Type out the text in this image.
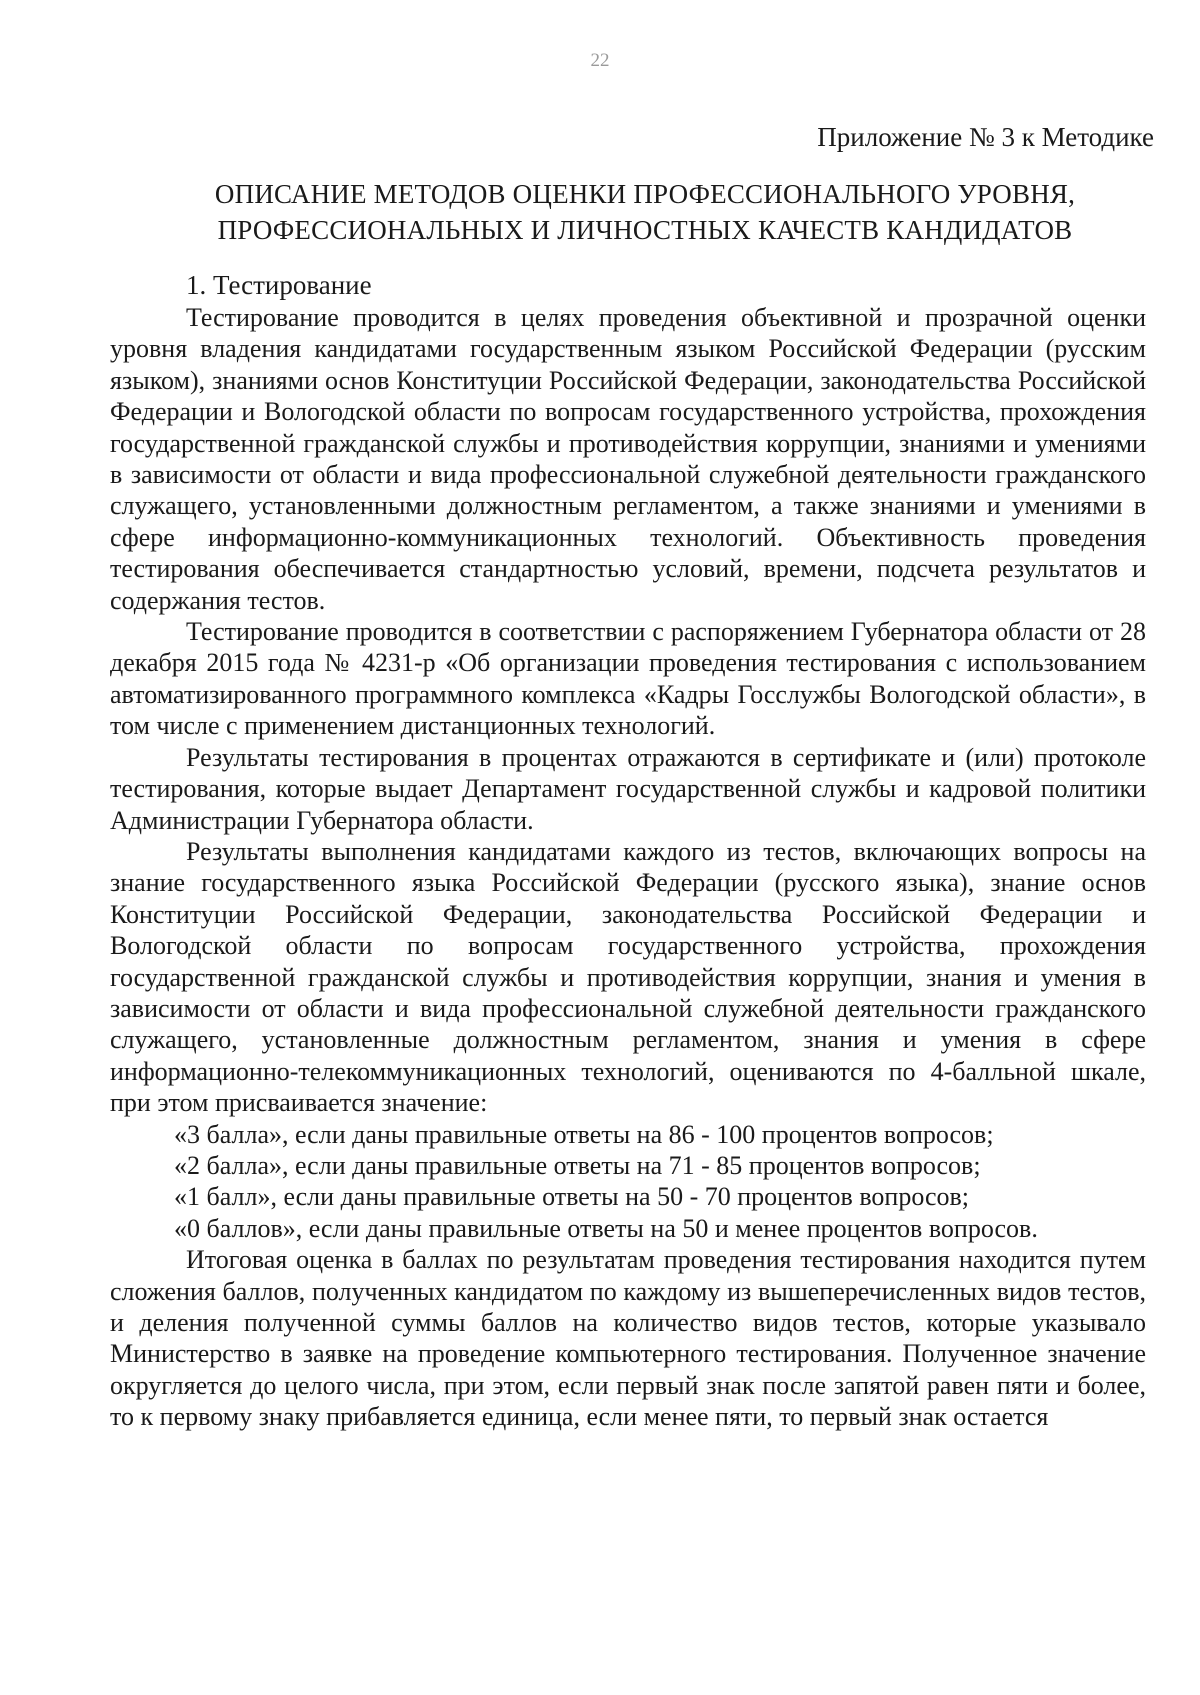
22
Приложение № 3 к Методике
ОПИСАНИЕ МЕТОДОВ ОЦЕНКИ ПРОФЕССИОНАЛЬНОГО УРОВНЯ,
ПРОФЕССИОНАЛЬНЫХ И ЛИЧНОСТНЫХ КАЧЕСТВ КАНДИДАТОВ
1. Тестирование

Тестирование проводится в целях проведения объективной и прозрачной оценки уровня владения кандидатами государственным языком Российской Федерации (русским языком), знаниями основ Конституции Российской Федерации, законодательства Российской Федерации и Вологодской области по вопросам государственного устройства, прохождения государственной гражданской службы и противодействия коррупции, знаниями и умениями в зависимости от области и вида профессиональной служебной деятельности гражданского служащего, установленными должностным регламентом, а также знаниями и умениями в сфере информационно-коммуникационных технологий. Объективность проведения тестирования обеспечивается стандартностью условий, времени, подсчета результатов и содержания тестов.

Тестирование проводится в соответствии с распоряжением Губернатора области от 28 декабря 2015 года № 4231-р «Об организации проведения тестирования с использованием автоматизированного программного комплекса «Кадры Госслужбы Вологодской области», в том числе с применением дистанционных технологий.

Результаты тестирования в процентах отражаются в сертификате и (или) протоколе тестирования, которые выдает Департамент государственной службы и кадровой политики Администрации Губернатора области.

Результаты выполнения кандидатами каждого из тестов, включающих вопросы на знание государственного языка Российской Федерации (русского языка), знание основ Конституции Российской Федерации, законодательства Российской Федерации и Вологодской области по вопросам государственного устройства, прохождения государственной гражданской службы и противодействия коррупции, знания и умения в зависимости от области и вида профессиональной служебной деятельности гражданского служащего, установленные должностным регламентом, знания и умения в сфере информационно-телекоммуникационных технологий, оцениваются по 4-балльной шкале, при этом присваивается значение:

«3 балла», если даны правильные ответы на 86 - 100 процентов вопросов;
«2 балла», если даны правильные ответы на 71 - 85 процентов вопросов;
«1 балл», если даны правильные ответы на 50 - 70 процентов вопросов;
«0 баллов», если даны правильные ответы на 50 и менее процентов вопросов.

Итоговая оценка в баллах по результатам проведения тестирования находится путем сложения баллов, полученных кандидатом по каждому из вышеперечисленных видов тестов, и деления полученной суммы баллов на количество видов тестов, которые указывало Министерство в заявке на проведение компьютерного тестирования. Полученное значение округляется до целого числа, при этом, если первый знак после запятой равен пяти и более, то к первому знаку прибавляется единица, если менее пяти, то первый знак остается
